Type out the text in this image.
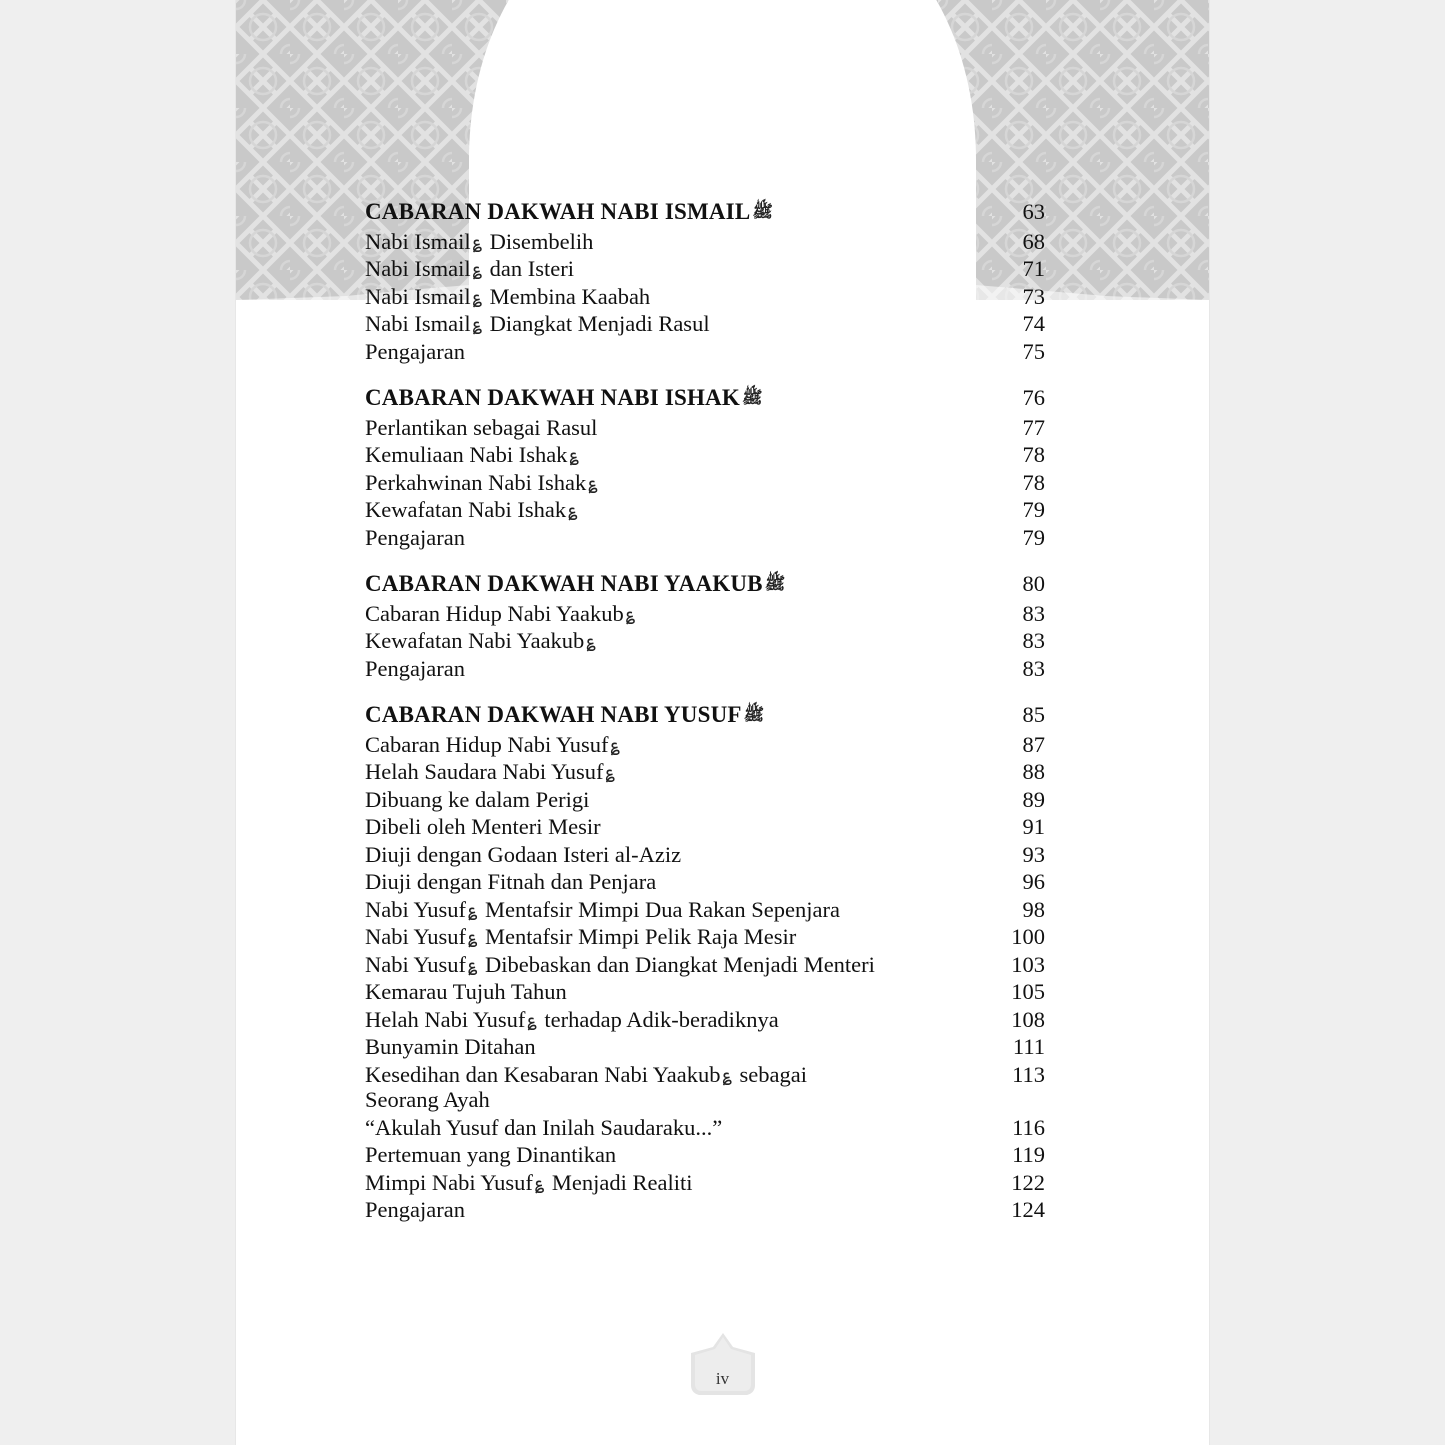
CABARAN DAKWAH NABI ISMAIL ﷺ	63
Nabi Ismail ؏ Disembelih	68
Nabi Ismail ؏ dan Isteri	71
Nabi Ismail ؏ Membina Kaabah	73
Nabi Ismail ؏ Diangkat Menjadi Rasul	74
Pengajaran	75
CABARAN DAKWAH NABI ISHAK ﷺ	76
Perlantikan sebagai Rasul	77
Kemuliaan Nabi Ishak ؏	78
Perkahwinan Nabi Ishak ؏	78
Kewafatan Nabi Ishak ؏	79
Pengajaran	79
CABARAN DAKWAH NABI YAAKUB ﷺ	80
Cabaran Hidup Nabi Yaakub ؏	83
Kewafatan Nabi Yaakub ؏	83
Pengajaran	83
CABARAN DAKWAH NABI YUSUF ﷺ	85
Cabaran Hidup Nabi Yusuf ؏	87
Helah Saudara Nabi Yusuf ؏	88
Dibuang ke dalam Perigi	89
Dibeli oleh Menteri Mesir	91
Diuji dengan Godaan Isteri al-Aziz	93
Diuji dengan Fitnah dan Penjara	96
Nabi Yusuf ؏ Mentafsir Mimpi Dua Rakan Sepenjara	98
Nabi Yusuf ؏ Mentafsir Mimpi Pelik Raja Mesir	100
Nabi Yusuf ؏ Dibebaskan dan Diangkat Menjadi Menteri	103
Kemarau Tujuh Tahun	105
Helah Nabi Yusuf ؏ terhadap Adik-beradiknya	108
Bunyamin Ditahan	111
Kesedihan dan Kesabaran Nabi Yaakub ؏ sebagai	113
Seorang Ayah
“Akulah Yusuf dan Inilah Saudaraku...”	116
Pertemuan yang Dinantikan	119
Mimpi Nabi Yusuf ؏ Menjadi Realiti	122
Pengajaran	124
iv
